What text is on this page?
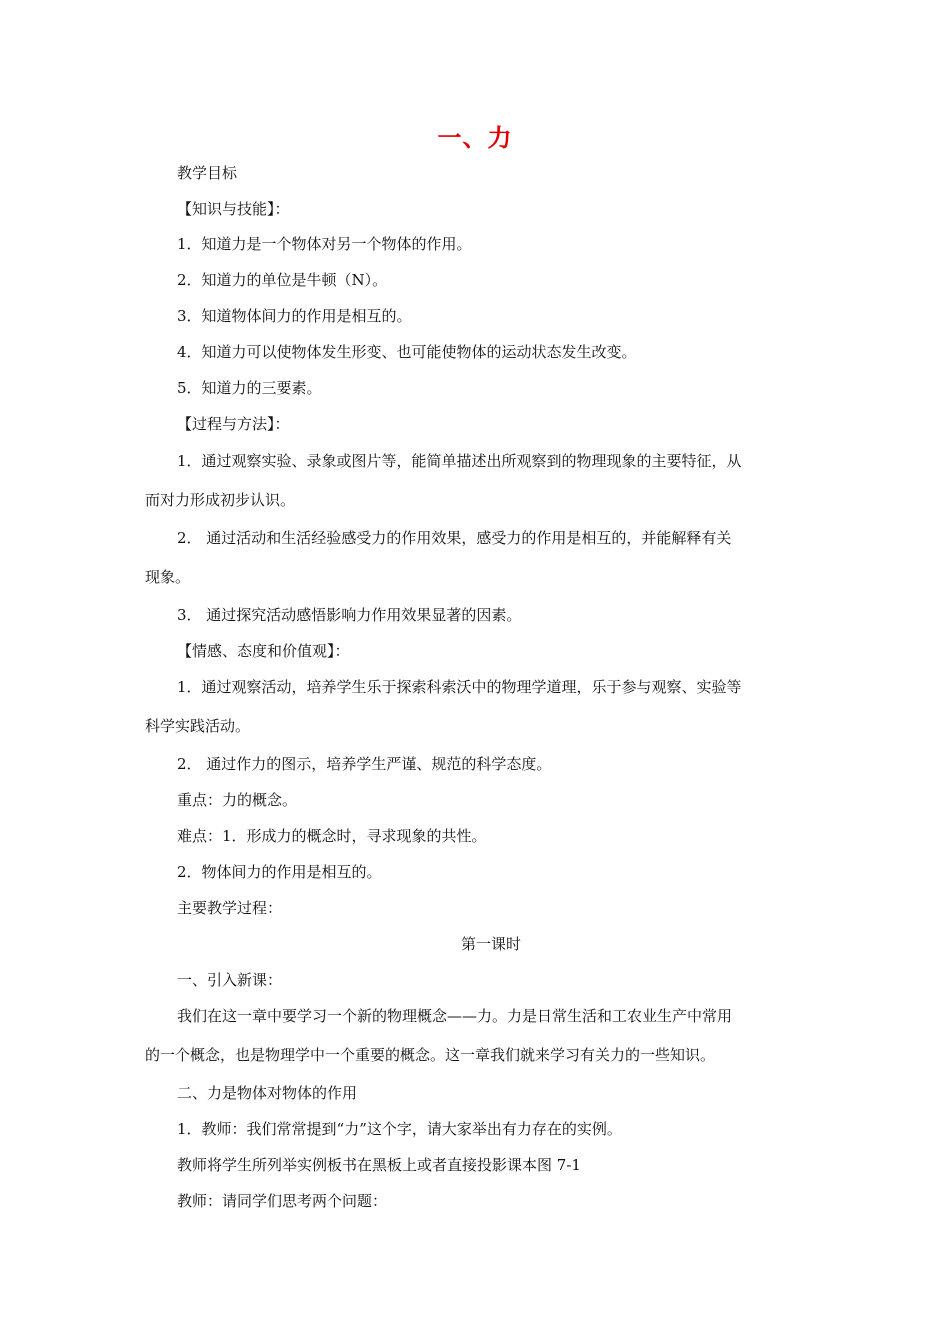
一、力
教学目标
【知识与技能】：
1．知道力是一个物体对另一个物体的作用。
2．知道力的单位是牛顿（N）。
3．知道物体间力的作用是相互的。
4．知道力可以使物体发生形变、也可能使物体的运动状态发生改变。
5．知道力的三要素。
【过程与方法】：
1．通过观察实验、录象或图片等，能简单描述出所观察到的物理现象的主要特征，从
而对力形成初步认识。
2． 通过活动和生活经验感受力的作用效果，感受力的作用是相互的，并能解释有关
现象。
3． 通过探究活动感悟影响力作用效果显著的因素。
【情感、态度和价值观】：
1．通过观察活动，培养学生乐于探索科索沃中的物理学道理，乐于参与观察、实验等
科学实践活动。
2． 通过作力的图示，培养学生严谨、规范的科学态度。
重点：力的概念。
难点：1．形成力的概念时，寻求现象的共性。
2．物体间力的作用是相互的。
主要教学过程：
第一课时
一、引入新课：
我们在这一章中要学习一个新的物理概念——力。力是日常生活和工农业生产中常用
的一个概念，也是物理学中一个重要的概念。这一章我们就来学习有关力的一些知识。
二、力是物体对物体的作用
1．教师：我们常常提到“力”这个字，请大家举出有力存在的实例。
教师将学生所列举实例板书在黑板上或者直接投影课本图 7-1
教师：请同学们思考两个问题：
